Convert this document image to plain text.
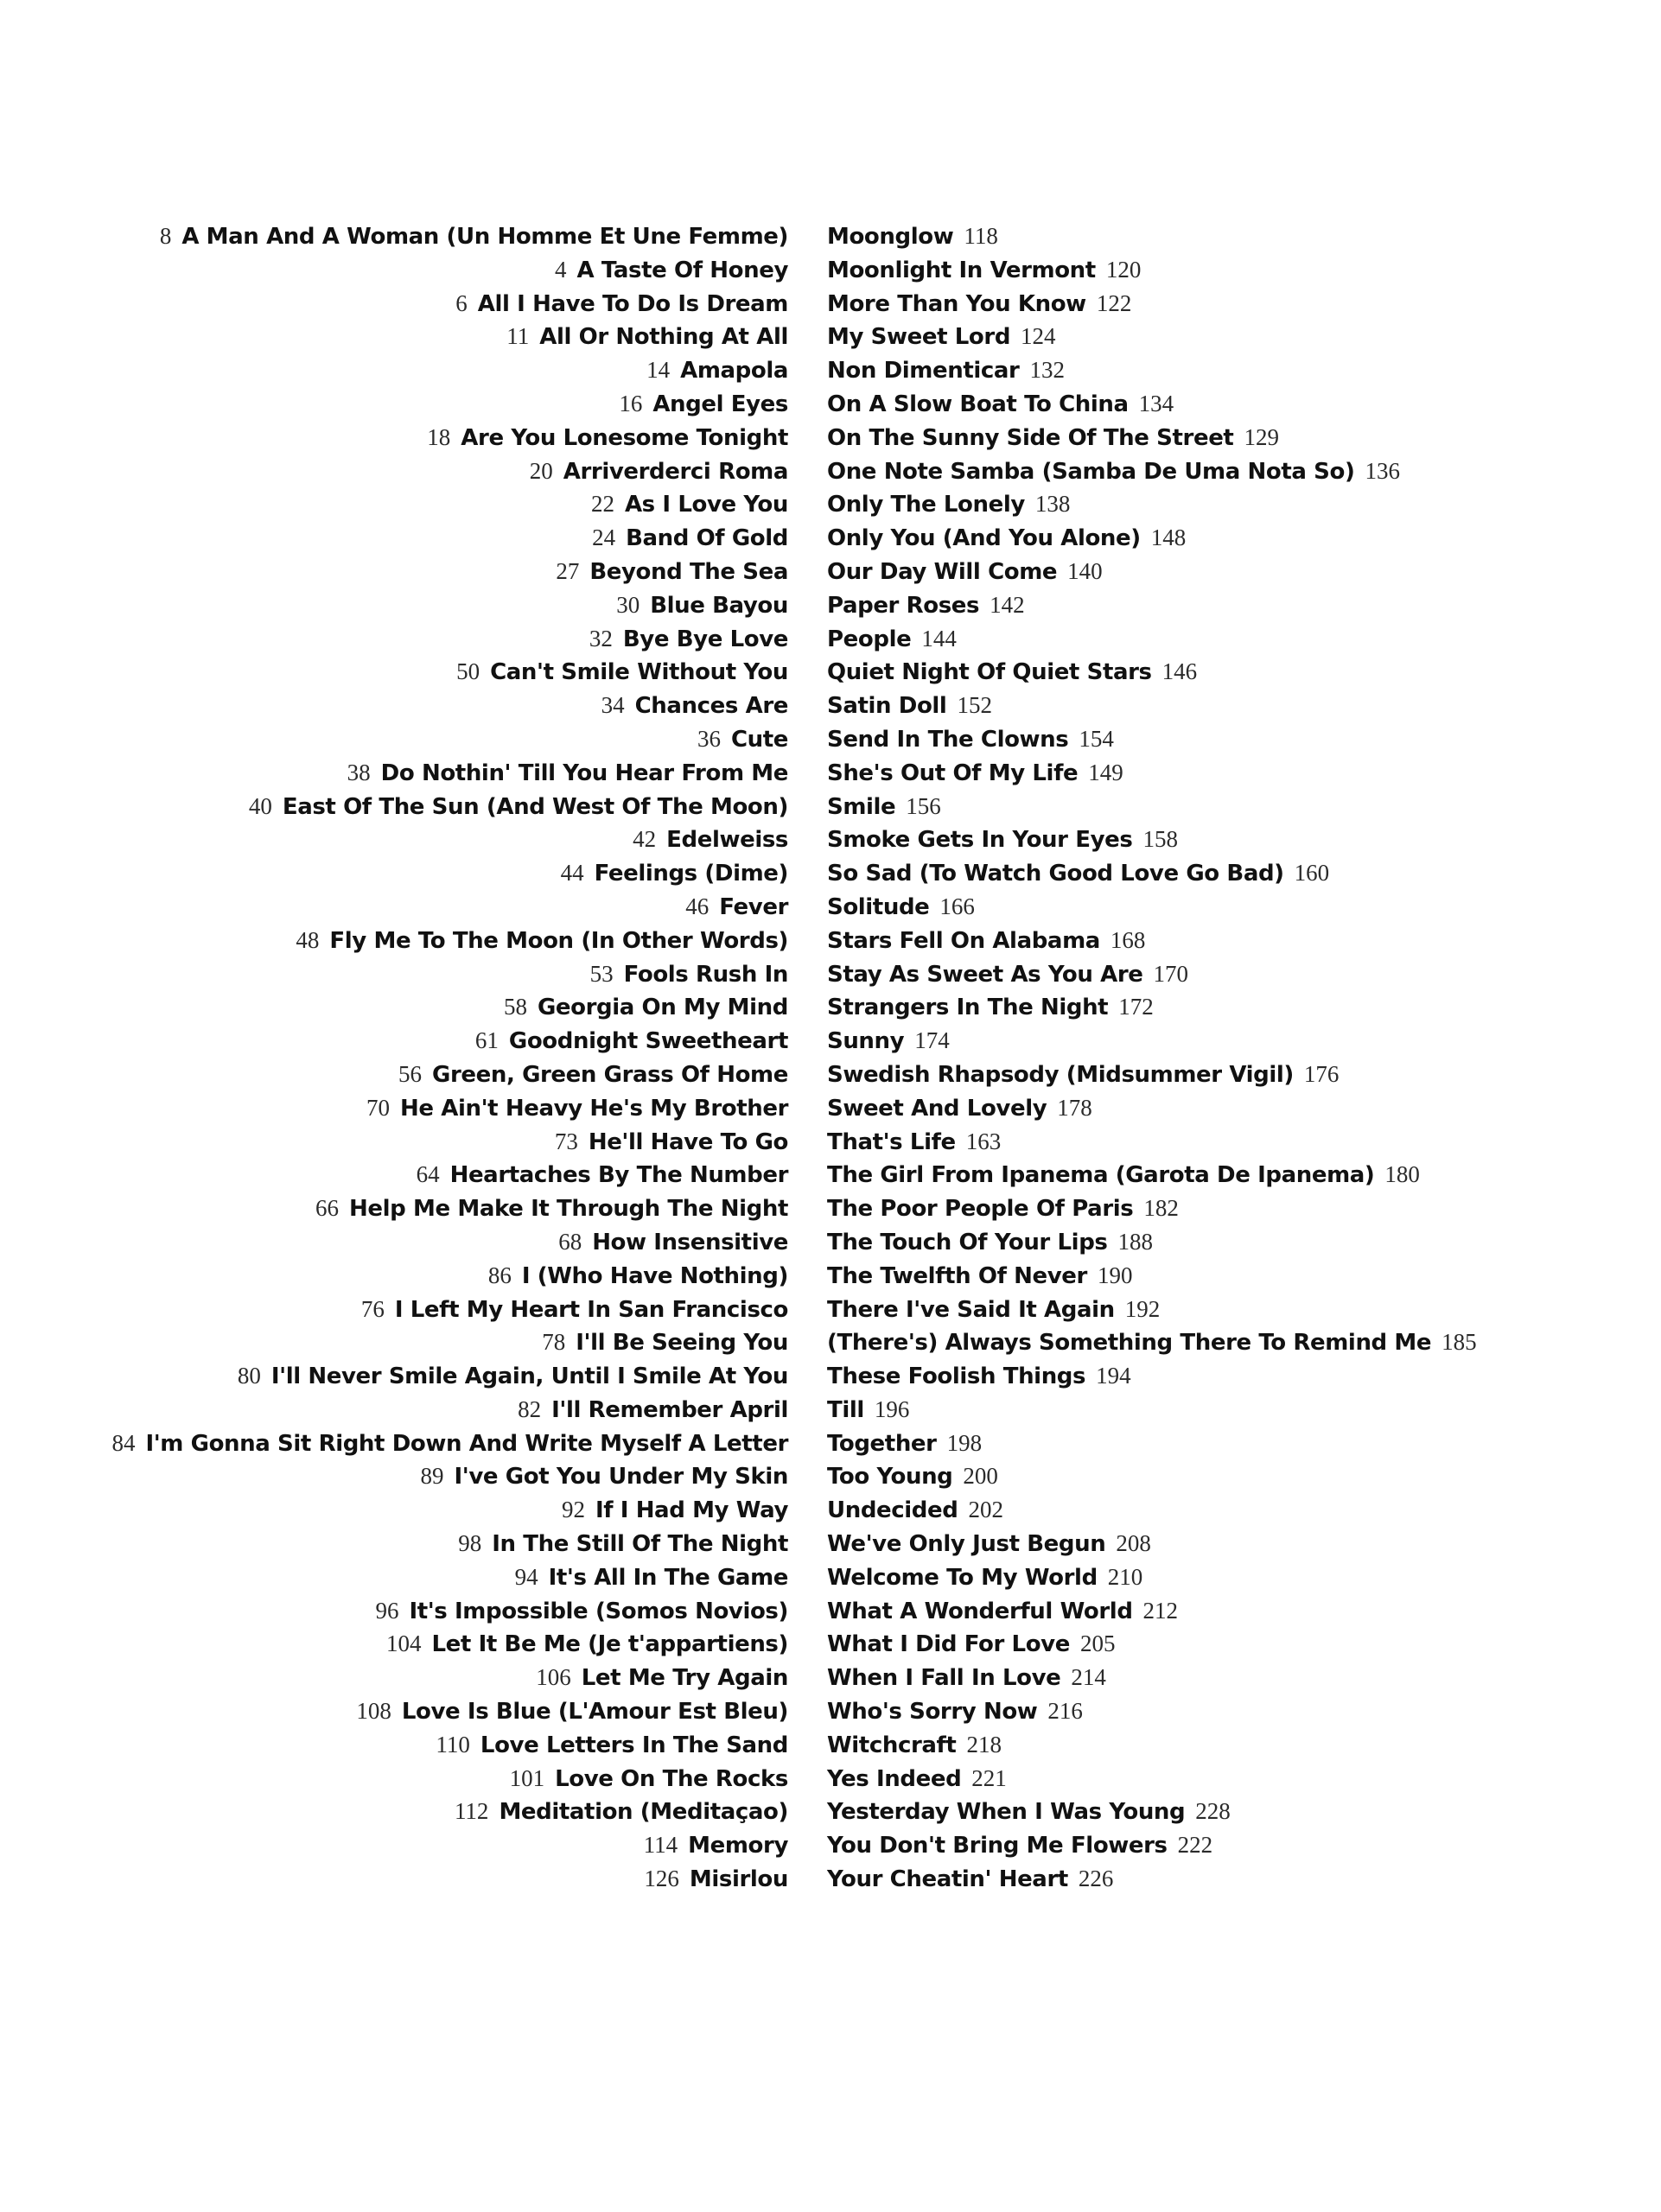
8 A Man And A Woman (Un Homme Et Une Femme)
4 A Taste Of Honey
6 All I Have To Do Is Dream
11 All Or Nothing At All
14 Amapola
16 Angel Eyes
18 Are You Lonesome Tonight
20 Arriverderci Roma
22 As I Love You
24 Band Of Gold
27 Beyond The Sea
30 Blue Bayou
32 Bye Bye Love
50 Can't Smile Without You
34 Chances Are
36 Cute
38 Do Nothin' Till You Hear From Me
40 East Of The Sun (And West Of The Moon)
42 Edelweiss
44 Feelings (Dime)
46 Fever
48 Fly Me To The Moon (In Other Words)
53 Fools Rush In
58 Georgia On My Mind
61 Goodnight Sweetheart
56 Green, Green Grass Of Home
70 He Ain't Heavy He's My Brother
73 He'll Have To Go
64 Heartaches By The Number
66 Help Me Make It Through The Night
68 How Insensitive
86 I (Who Have Nothing)
76 I Left My Heart In San Francisco
78 I'll Be Seeing You
80 I'll Never Smile Again, Until I Smile At You
82 I'll Remember April
84 I'm Gonna Sit Right Down And Write Myself A Letter
89 I've Got You Under My Skin
92 If I Had My Way
98 In The Still Of The Night
94 It's All In The Game
96 It's Impossible (Somos Novios)
104 Let It Be Me (Je t'appartiens)
106 Let Me Try Again
108 Love Is Blue (L'Amour Est Bleu)
110 Love Letters In The Sand
101 Love On The Rocks
112 Meditation (Meditaçao)
114 Memory
126 Misirlou
Moonglow 118
Moonlight In Vermont 120
More Than You Know 122
My Sweet Lord 124
Non Dimenticar 132
On A Slow Boat To China 134
On The Sunny Side Of The Street 129
One Note Samba (Samba De Uma Nota So) 136
Only The Lonely 138
Only You (And You Alone) 148
Our Day Will Come 140
Paper Roses 142
People 144
Quiet Night Of Quiet Stars 146
Satin Doll 152
Send In The Clowns 154
She's Out Of My Life 149
Smile 156
Smoke Gets In Your Eyes 158
So Sad (To Watch Good Love Go Bad) 160
Solitude 166
Stars Fell On Alabama 168
Stay As Sweet As You Are 170
Strangers In The Night 172
Sunny 174
Swedish Rhapsody (Midsummer Vigil) 176
Sweet And Lovely 178
That's Life 163
The Girl From Ipanema (Garota De Ipanema) 180
The Poor People Of Paris 182
The Touch Of Your Lips 188
The Twelfth Of Never 190
There I've Said It Again 192
(There's) Always Something There To Remind Me 185
These Foolish Things 194
Till 196
Together 198
Too Young 200
Undecided 202
We've Only Just Begun 208
Welcome To My World 210
What A Wonderful World 212
What I Did For Love 205
When I Fall In Love 214
Who's Sorry Now 216
Witchcraft 218
Yes Indeed 221
Yesterday When I Was Young 228
You Don't Bring Me Flowers 222
Your Cheatin' Heart 226
